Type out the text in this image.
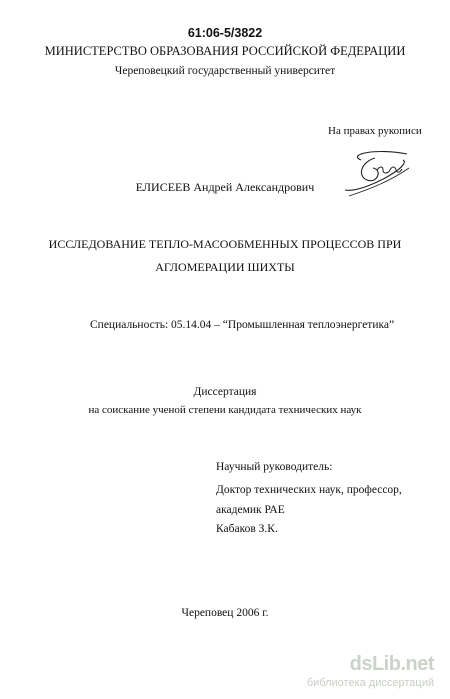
61:06-5/3822
МИНИСТЕРСТВО ОБРАЗОВАНИЯ РОССИЙСКОЙ ФЕДЕРАЦИИ
Череповецкий государственный университет
На правах рукописи
ЕЛИСЕЕВ Андрей Александрович
ИССЛЕДОВАНИЕ ТЕПЛО-МАСООБМЕННЫХ ПРОЦЕССОВ ПРИ
АГЛОМЕРАЦИИ ШИХТЫ
Специальность: 05.14.04 – “Промышленная теплоэнергетика”
Диссертация
на соискание ученой степени кандидата технических наук
Научный руководитель:
Доктор технических наук, профессор,
академик РАЕ
Кабаков З.К.
Череповец 2006 г.
dsLib.net
библиотека диссертаций
